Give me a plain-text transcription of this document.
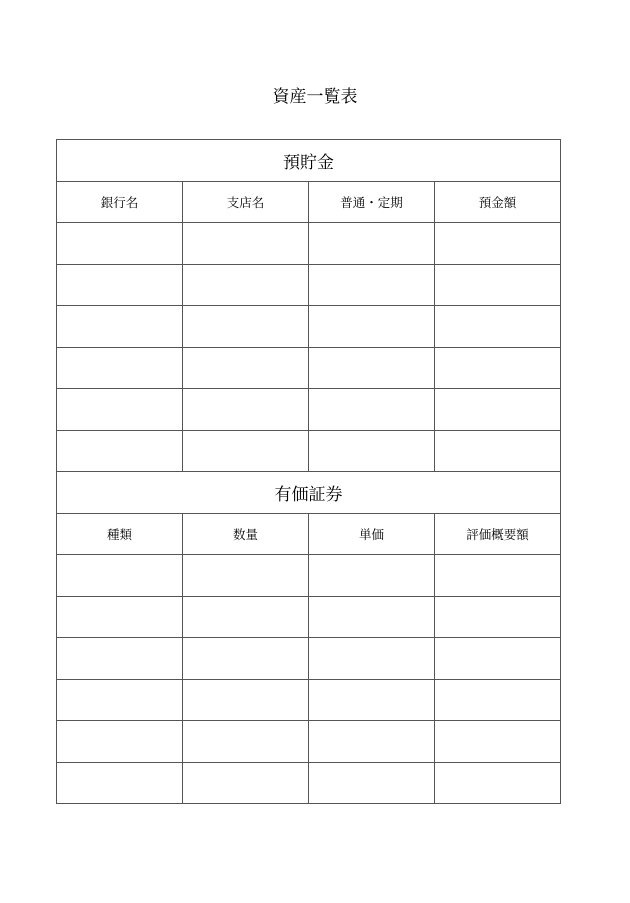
資産一覧表
預貯金			
銀行名	支店名	普通・定期	預金額

有価証券			
種類	数量	単価	評価概要額
